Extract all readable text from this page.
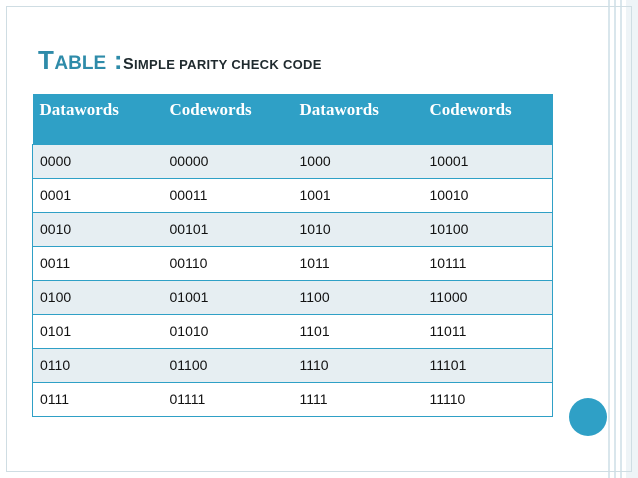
TABLE :SIMPLE PARITY CHECK CODE
Datawords	Codewords	Datawords	Codewords
0000	00000	1000	10001
0001	00011	1001	10010
0010	00101	1010	10100
0011	00110	1011	10111
0100	01001	1100	11000
0101	01010	1101	11011
0110	01100	1110	11101
0111	01111	1111	11110
